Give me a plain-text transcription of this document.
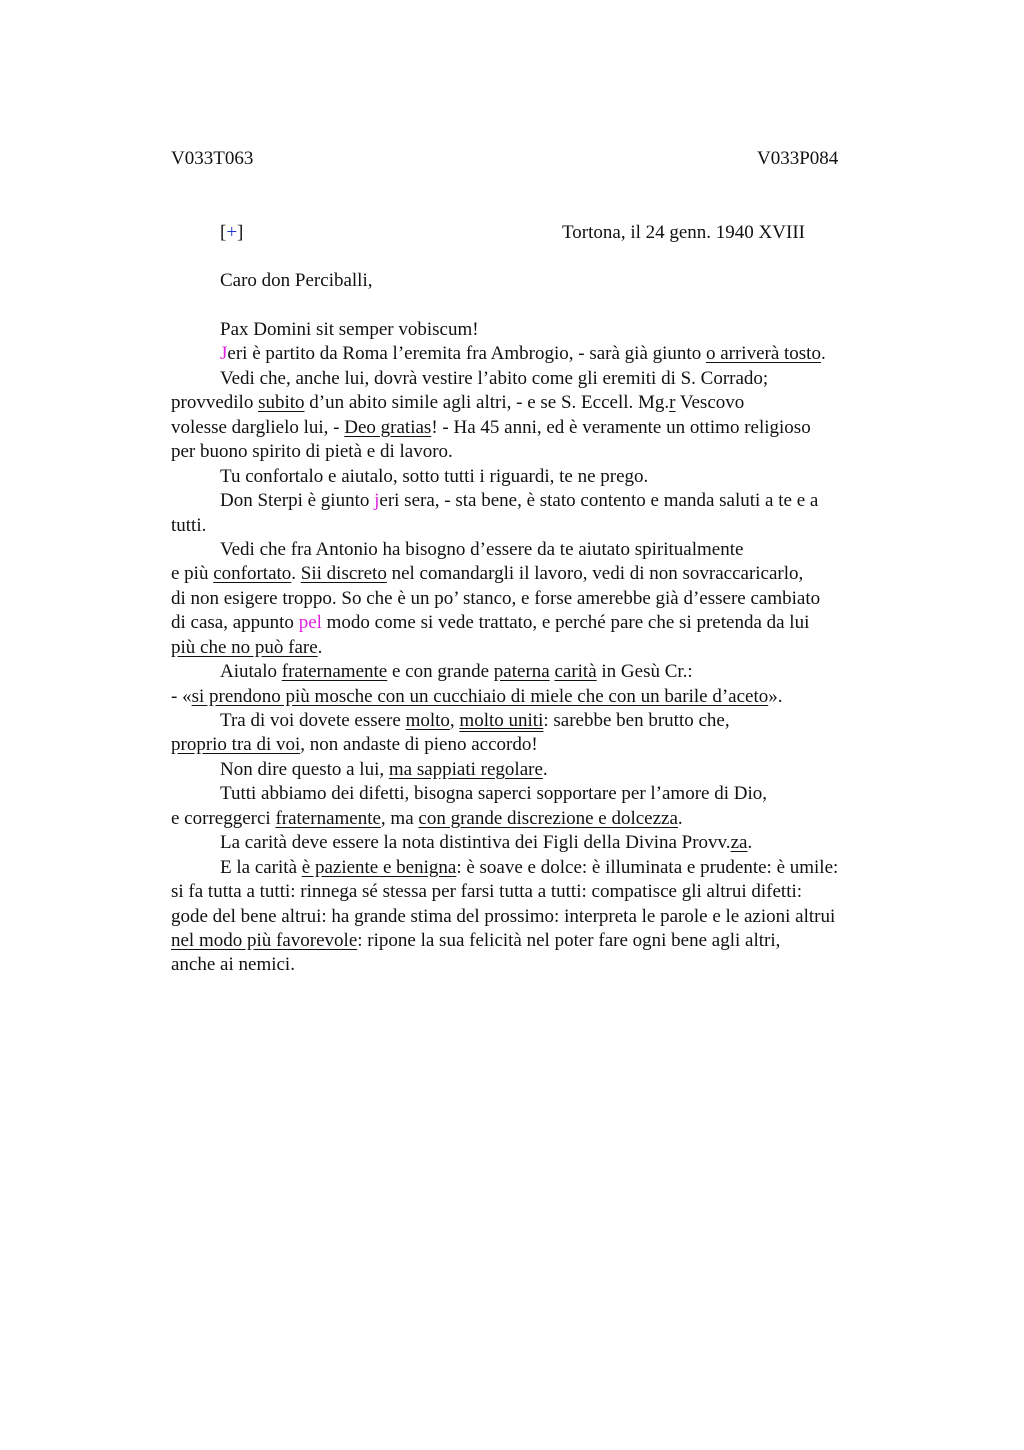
V033T063	V033P084
[+]	Tortona, il 24 genn. 1940 XVIII
Caro don Perciballi,
Pax Domini sit semper vobiscum!
Jeri è partito da Roma l’eremita fra Ambrogio, - sarà già giunto o arriverà tosto.
Vedi che, anche lui, dovrà vestire l’abito come gli eremiti di S. Corrado;
provvedilo subito d’un abito simile agli altri, - e se S. Eccell. Mg.r Vescovo
volesse darglielo lui, - Deo gratias! - Ha 45 anni, ed è veramente un ottimo religioso
per buono spirito di pietà e di lavoro.
Tu confortalo e aiutalo, sotto tutti i riguardi, te ne prego.
Don Sterpi è giunto jeri sera, - sta bene, è stato contento e manda saluti a te e a
tutti.
Vedi che fra Antonio ha bisogno d’essere da te aiutato spiritualmente
e più confortato. Sii discreto nel comandargli il lavoro, vedi di non sovraccaricarlo,
di non esigere troppo. So che è un po’ stanco, e forse amerebbe già d’essere cambiato
di casa, appunto pel modo come si vede trattato, e perché pare che si pretenda da lui
più che no può fare.
Aiutalo fraternamente e con grande paterna carità in Gesù Cr.:
- «si prendono più mosche con un cucchiaio di miele che con un barile d’aceto».
Tra di voi dovete essere molto, molto uniti: sarebbe ben brutto che,
proprio tra di voi, non andaste di pieno accordo!
Non dire questo a lui, ma sappiati regolare.
Tutti abbiamo dei difetti, bisogna saperci sopportare per l’amore di Dio,
e correggerci fraternamente, ma con grande discrezione e dolcezza.
La carità deve essere la nota distintiva dei Figli della Divina Provv.za.
E la carità è paziente e benigna: è soave e dolce: è illuminata e prudente: è umile:
si fa tutta a tutti: rinnega sé stessa per farsi tutta a tutti: compatisce gli altrui difetti:
gode del bene altrui: ha grande stima del prossimo: interpreta le parole e le azioni altrui
nel modo più favorevole: ripone la sua felicità nel poter fare ogni bene agli altri,
anche ai nemici.
